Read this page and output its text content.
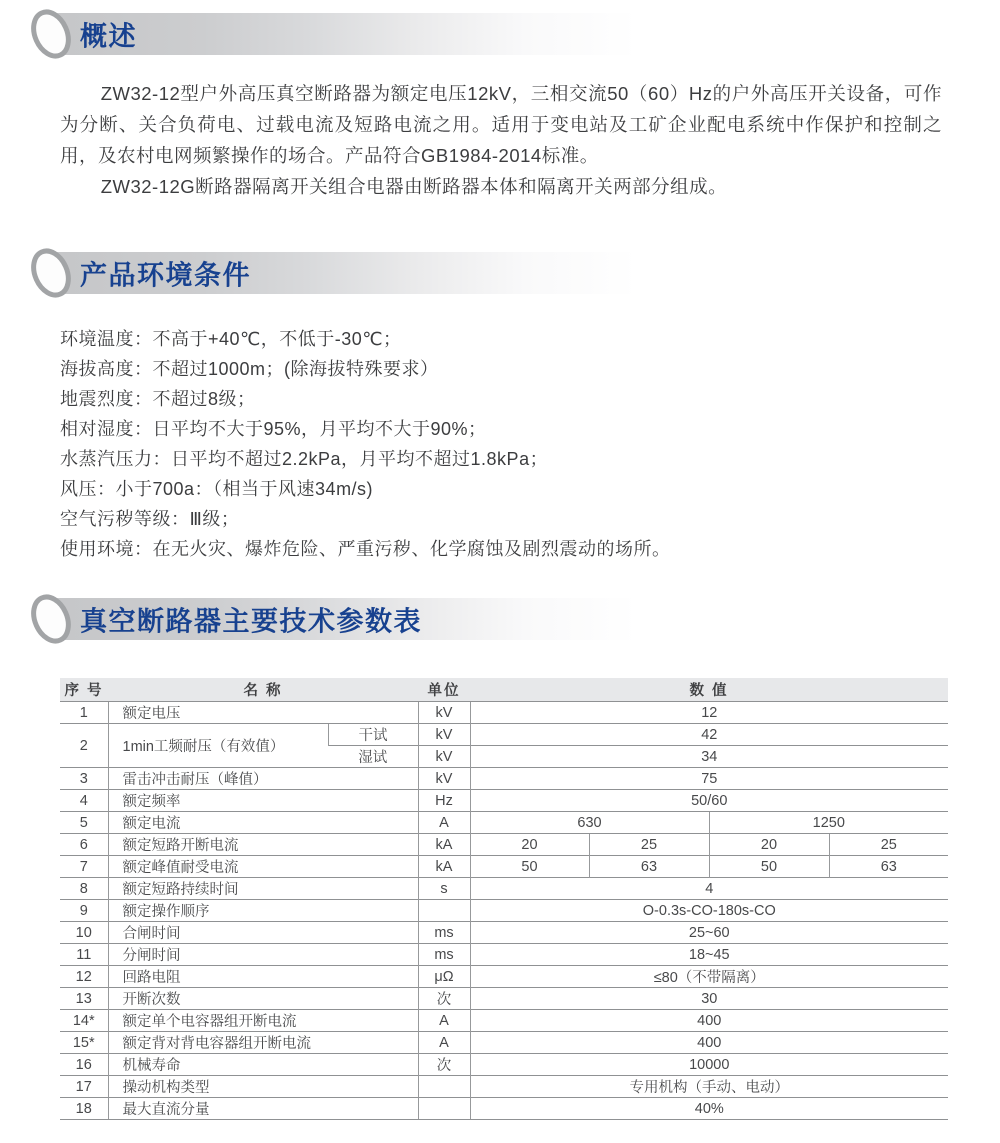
概述

ZW32-12型户外高压真空断路器为额定电压12kV，三相交流50（60）Hz的户外高压开关设备，可作为分断、关合负荷电、过载电流及短路电流之用。适用于变电站及工矿企业配电系统中作保护和控制之用，及农村电网频繁操作的场合。产品符合GB1984-2014标准。

ZW32-12G断路器隔离开关组合电器由断路器本体和隔离开关两部分组成。

产品环境条件
环境温度：不高于+40℃，不低于-30℃；
海拔高度：不超过1000m；(除海拔特殊要求）
地震烈度：不超过8级；
相对湿度：日平均不大于95%，月平均不大于90%；
水蒸汽压力：日平均不超过2.2kPa，月平均不超过1.8kPa；
风压：小于700a：（相当于风速34m/s)
空气污秽等级：Ⅲ级；
使用环境：在无火灾、爆炸危险、严重污秽、化学腐蚀及剧烈震动的场所。
真空断路器主要技术参数表
序 号	名 称		单位	数 值			
1	额定电压		kV	12			
2	1min工频耐压（有效值）	干试	kV	42			
		湿试	kV	34			
3	雷击冲击耐压（峰值）		kV	75			
4	额定频率		Hz	50/60			
5	额定电流		A	630		1250	
6	额定短路开断电流		kA	20	25	20	25
7	额定峰值耐受电流		kA	50	63	50	63
8	额定短路持续时间		s	4			
9	额定操作顺序			O-0.3s-CO-180s-CO			
10	合闸时间		ms	25~60			
11	分闸时间		ms	18~45			
12	回路电阻		μΩ	≤80（不带隔离）			
13	开断次数		次	30			
14*	额定单个电容器组开断电流		A	400			
15*	额定背对背电容器组开断电流		A	400			
16	机械寿命		次	10000			
17	操动机构类型			专用机构（手动、电动）			
18	最大直流分量			40%			
